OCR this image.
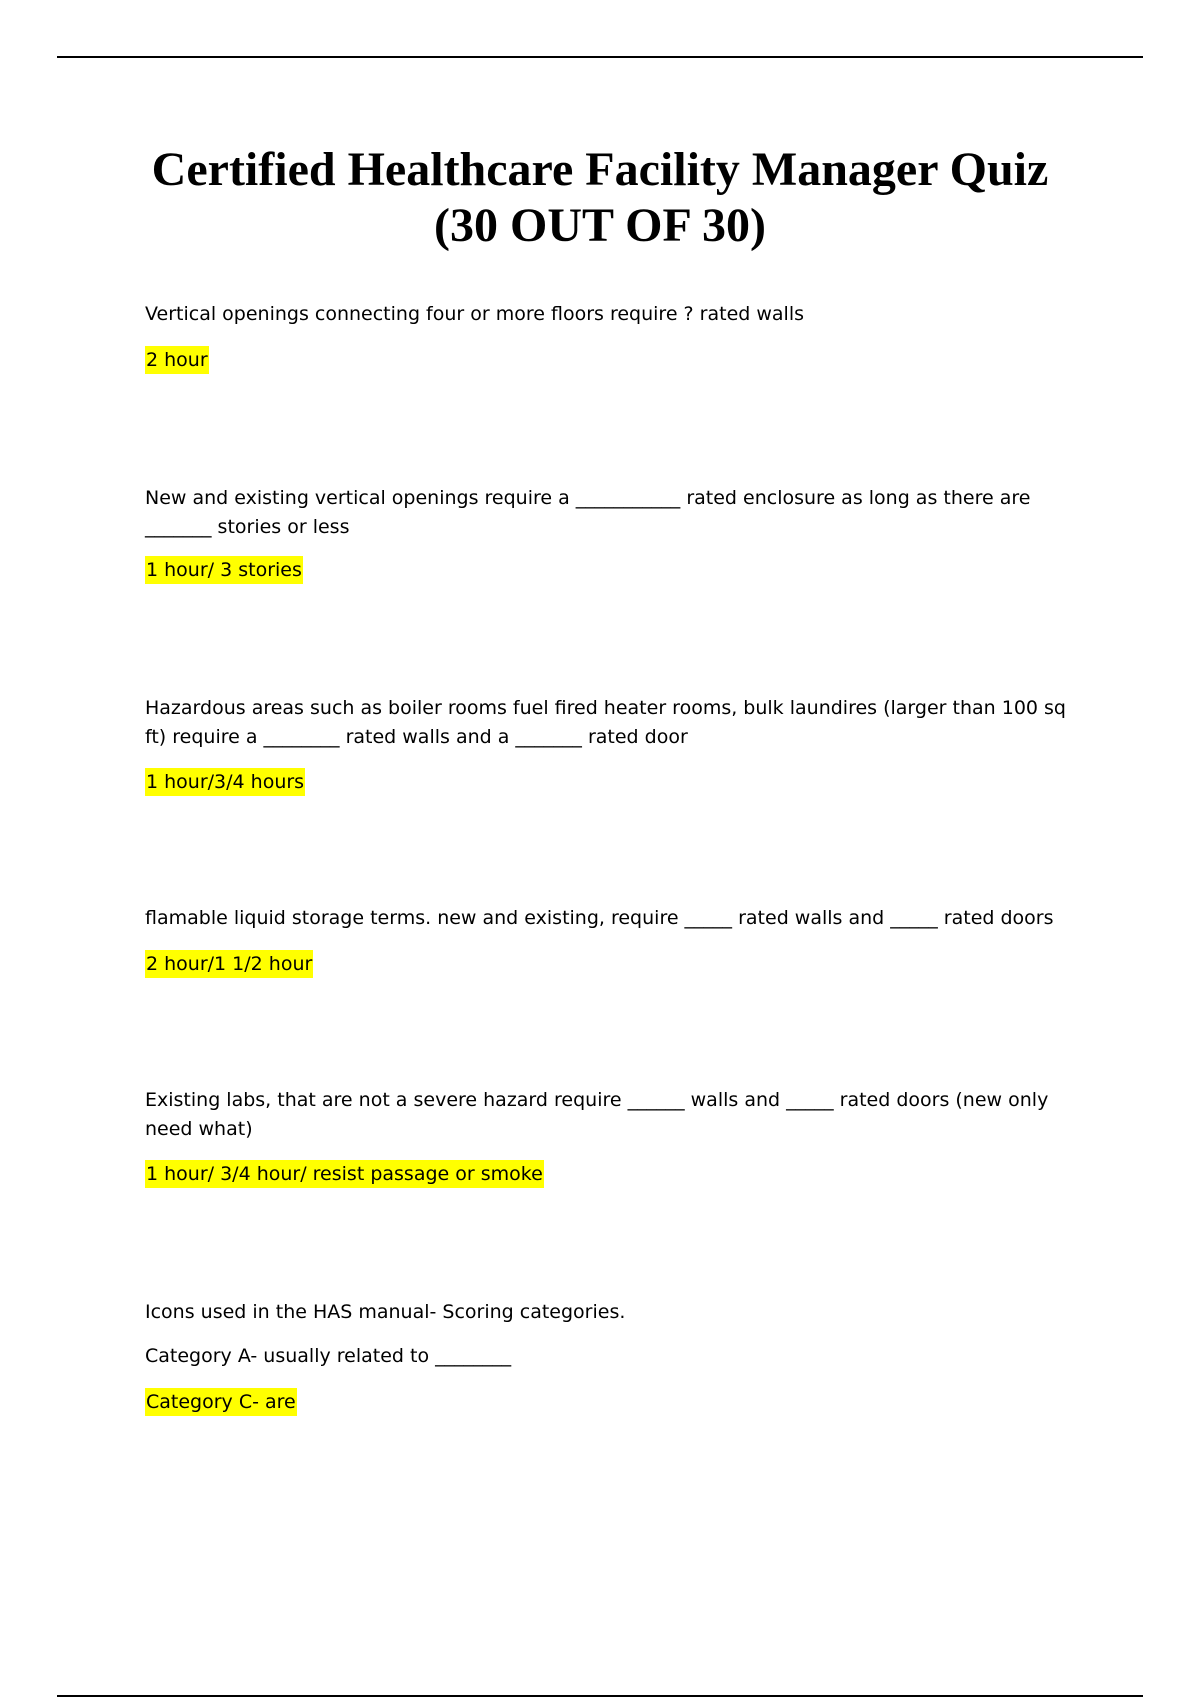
Certified Healthcare Facility Manager Quiz
(30 OUT OF 30)

Vertical openings connecting four or more floors require ? rated walls

2 hour

New and existing vertical openings require a ___________ rated enclosure as long as there are _______ stories or less

1 hour/ 3 stories

Hazardous areas such as boiler rooms fuel fired heater rooms, bulk laundires (larger than 100 sq ft) require a ________ rated walls and a _______ rated door

1 hour/3/4 hours

flamable liquid storage terms. new and existing, require _____ rated walls and _____ rated doors

2 hour/1 1/2 hour

Existing labs, that are not a severe hazard require ______ walls and _____ rated doors (new only need what)

1 hour/ 3/4 hour/ resist passage or smoke

Icons used in the HAS manual- Scoring categories.

Category A- usually related to ________

Category C- are
